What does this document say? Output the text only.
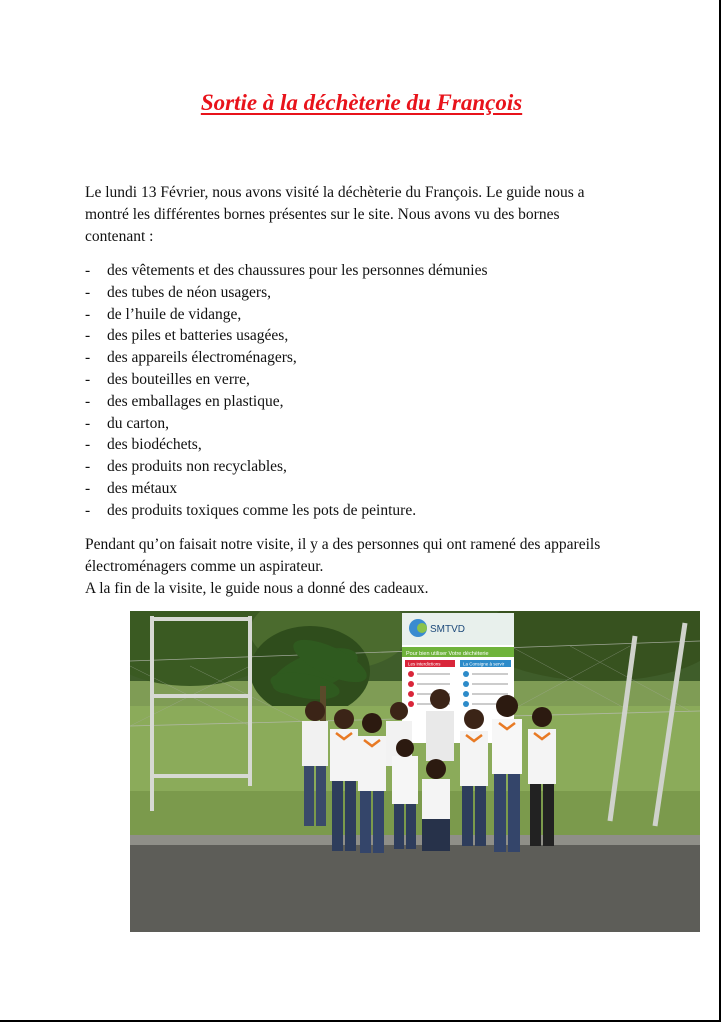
Sortie à la déchèterie du François
Le lundi 13 Février, nous avons visité la déchèterie du François. Le guide nous a
montré les différentes bornes présentes sur le site. Nous avons vu des bornes
contenant :
- des vêtements et des chaussures pour les personnes démunies
- des tubes de néon usagers,
- de l’huile de vidange,
- des piles et batteries usagées,
- des appareils électroménagers,
- des bouteilles en verre,
- des emballages en plastique,
- du carton,
- des biodéchets,
- des produits non recyclables,
- des métaux
- des produits toxiques comme les pots de peinture.
Pendant qu’on faisait notre visite, il y a des personnes qui ont ramené des appareils
électroménagers comme un aspirateur.
A la fin de la visite, le guide nous a donné des cadeaux.
SMTVD
Pour bien utiliser Votre déchèterie
Les interdictions	La Consigne à servir
